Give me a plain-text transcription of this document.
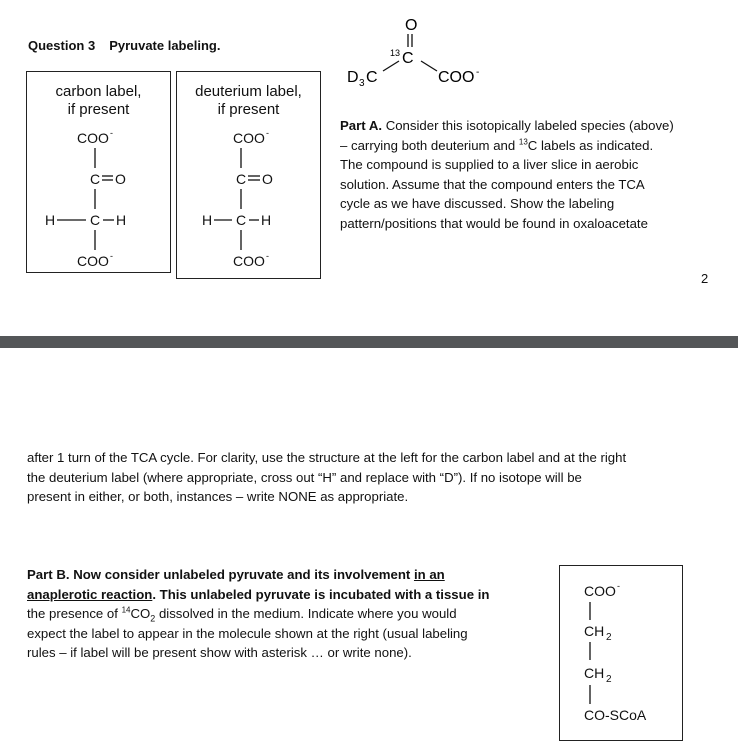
Question 3 Pyruvate labeling.
carbon label,
if present
COO -
C O
H C H
COO -
deuterium label,
if present
COO -
C O
H C H
COO -
O
13 C
D 3 C	COO -
Part A. Consider this isotopically labeled species (above)
– carrying both deuterium and $^{13}$C labels as indicated.
The compound is supplied to a liver slice in aerobic
solution. Assume that the compound enters the TCA
cycle as we have discussed. Show the labeling
pattern/positions that would be found in oxaloacetate
2
after 1 turn of the TCA cycle. For clarity, use the structure at the left for the carbon label and at the right
the deuterium label (where appropriate, cross out “H” and replace with “D”). If no isotope will be
present in either, or both, instances – write NONE as appropriate.
Part B. Now consider unlabeled pyruvate and its involvement in an
anaplerotic reaction. This unlabeled pyruvate is incubated with a tissue in
the presence of $^{14}CO_2$ dissolved in the medium. Indicate where you would
expect the label to appear in the molecule shown at the right (usual labeling
rules – if label will be present show with asterisk … or write none).
COO -
CH 2
CH 2
CO-SCoA
